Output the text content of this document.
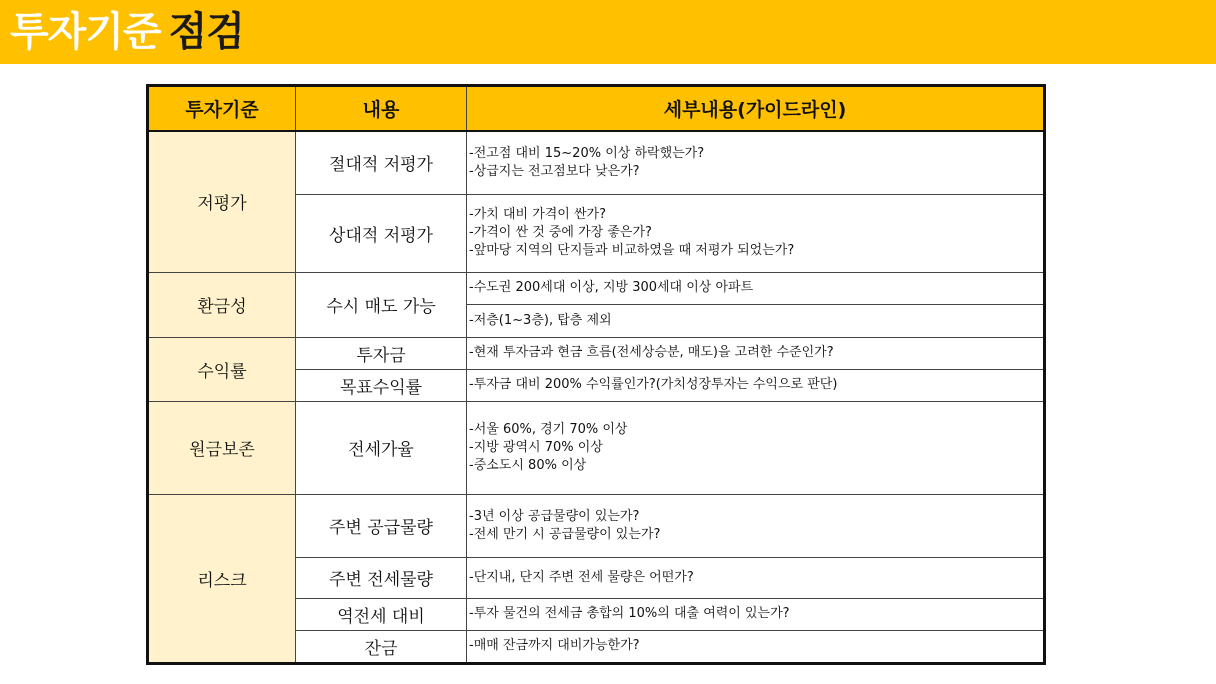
투자기준 점검
투자기준	내용	세부내용(가이드라인)
저평가	절대적 저평가	-전고점 대비 15~20% 이상 하락했는가?
-상급지는 전고점보다 낮은가?

	상대적 저평가	-가치 대비 가격이 싼가?
-가격이 싼 것 중에 가장 좋은가?
-앞마당 지역의 단지들과 비교하였을 때 저평가 되었는가?

환금성	수시 매도 가능	-수도권 200세대 이상, 지방 300세대 이상 아파트

		-저층(1~3층), 탑층 제외

수익률	투자금	-현재 투자금과 현금 흐름(전세상승분, 매도)을 고려한 수준인가?

	목표수익률	-투자금 대비 200% 수익률인가?(가치성장투자는 수익으로 판단)

원금보존	전세가율	-서울 60%, 경기 70% 이상
-지방 광역시 70% 이상
-중소도시 80% 이상

리스크	주변 공급물량	-3년 이상 공급물량이 있는가?
-전세 만기 시 공급물량이 있는가?

	주변 전세물량	-단지내, 단지 주변 전세 물량은 어떤가?

	역전세 대비	-투자 물건의 전세금 총합의 10%의 대출 여력이 있는가?

	잔금	-매매 잔금까지 대비가능한가?
